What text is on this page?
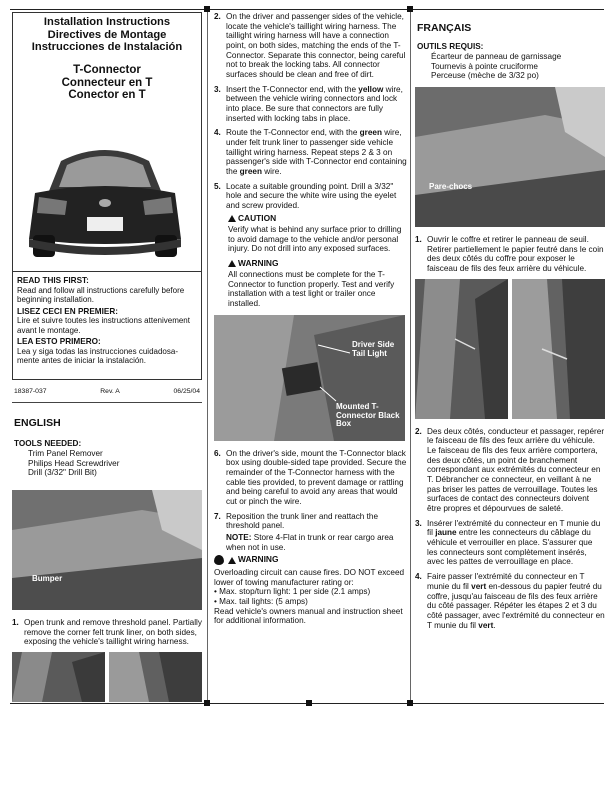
Installation Instructions
Directives de Montage
Instrucciones de Instalación
T-Connector
Connecteur en T
Conector en T
READ THIS FIRST:

Read and follow all instructions carefully before beginning installation.

LISEZ CECI EN PREMIER:

Lire et suivre toutes les instructions attenivement avant le montage.

LEA ESTO PRIMERO:

Lea y siga todas las instrucciones cuidadosa-mente antes de iniciar la instalación.

18387-037	Rev. A	06/25/04
ENGLISH
TOOLS NEEDED:
Trim Panel Remover
Philips Head Screwdriver
Drill (3/32" Drill Bit)
Bumper
1. Open trunk and remove threshold panel. Partially remove the corner felt trunk liner, on both sides, exposing the vehicle's taillight wiring harness.
2. On the driver and passenger sides of the vehicle, locate the vehicle's taillight wiring harness. The taillight wiring harness will have a connection point, on both sides, matching the ends of the T-Connector. Separate this connector, being careful not to break the locking tabs. All connector surfaces should be clean and free of dirt.
3. Insert the T-Connector end, with the yellow wire, between the vehicle wiring connectors and lock into place. Be sure that connectors are fully inserted with locking tabs in place.
4. Route the T-Connector end, with the green wire, under felt trunk liner to passenger side vehicle taillight wiring harness. Repeat steps 2 & 3 on passenger's side with T-Connector end containing the green wire.
5. Locate a suitable grounding point. Drill a 3/32" hole and secure the white wire using the eyelet and screw provided.
CAUTION
Verify what is behind any surface prior to drilling to avoid damage to the vehicle and/or personal injury. Do not drill into any exposed surfaces.
WARNING
All connections must be complete for the T-Connector to function properly. Test and verify installation with a test light or trailer once installed.
Driver Side Tail Light
Mounted T-Connector Black Box
6. On the driver's side, mount the T-Connector black box using double-sided tape provided. Secure the remainder of the T-Connector harness with the cable ties provided, to prevent damage or rattling and being careful to avoid any areas that would cut or pinch the wire.
7. Reposition the trunk liner and reattach the threshold panel.
NOTE: Store 4-Flat in trunk or rear cargo area when not in use.
WARNING
Overloading circuit can cause fires. DO NOT exceed lower of towing manufacturer rating or:
• Max. stop/turn light: 1 per side (2.1 amps)
• Max. tail lights: (5 amps)
Read vehicle's owners manual and instruction sheet for additional information.
FRANÇAIS
OUTILS REQUIS:
Écarteur de panneau de garnissage
Tournevis à pointe cruciforme
Perceuse (mèche de 3/32 po)
Pare-chocs
1. Ouvrir le coffre et retirer le panneau de seuil. Retirer partiellement le papier feutré dans le coin des deux côtés du coffre pour exposer le faisceau de fils des feux arrière du véhicule.
2. Des deux côtés, conducteur et passager, repérer le faisceau de fils des feux arrière du véhicule. Le faisceau de fils des feux arrière comportera, des deux côtés, un point de branchement correspondant aux extrémités du connecteur en T. Débrancher ce connecteur, en veillant à ne pas briser les pattes de verrouillage. Toutes les surfaces de contact des connecteurs doivent être propres et dépourvues de saleté.
3. Insérer l'extrémité du connecteur en T munie du fil jaune entre les connecteurs du câblage du véhicule et verrouiller en place. S'assurer que les connecteurs sont complètement insérés, avec les pattes de verrouillage en place.
4. Faire passer l'extrémité du connecteur en T munie du fil vert en-dessous du papier feutré du coffre, jusqu'au faisceau de fils des feux arrière du côté passager. Répéter les étapes 2 et 3 du côté passager, avec l'extrémité du connecteur en T munie du fil vert.
